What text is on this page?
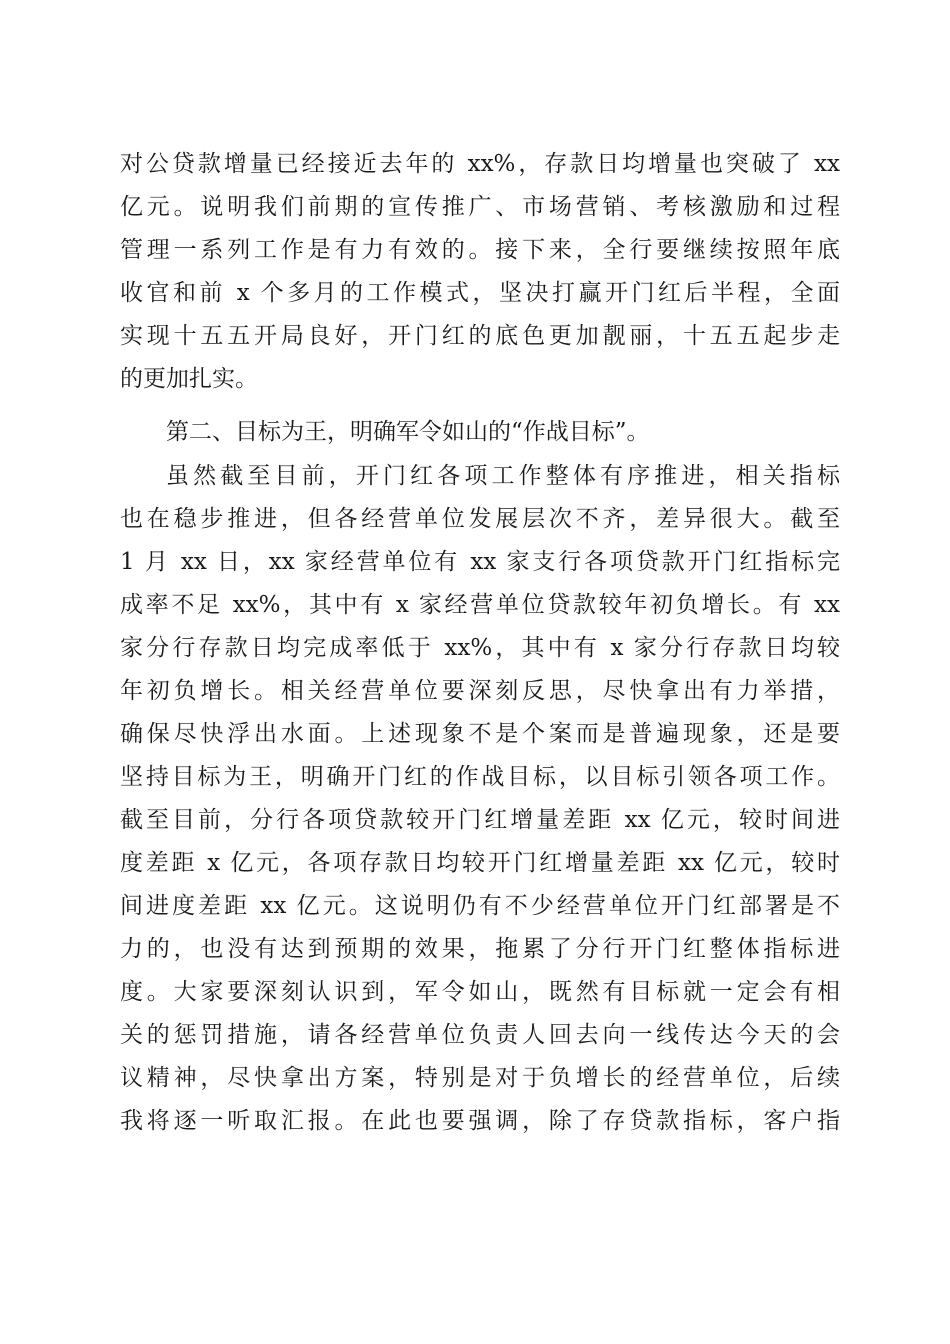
对公贷款增量已经接近去年的 xx%，存款日均增量也突破了 xx
亿元。说明我们前期的宣传推广、市场营销、考核激励和过程
管理一系列工作是有力有效的。接下来，全行要继续按照年底
收官和前 x 个多月的工作模式，坚决打赢开门红后半程，全面
实现十五五开局良好，开门红的底色更加靓丽，十五五起步走
的更加扎实。
第二、目标为王，明确军令如山的“作战目标”。
虽然截至目前，开门红各项工作整体有序推进，相关指标
也在稳步推进，但各经营单位发展层次不齐，差异很大。截至
1 月 xx 日，xx 家经营单位有 xx 家支行各项贷款开门红指标完
成率不足 xx%，其中有 x 家经营单位贷款较年初负增长。有 xx
家分行存款日均完成率低于 xx%，其中有 x 家分行存款日均较
年初负增长。相关经营单位要深刻反思，尽快拿出有力举措，
确保尽快浮出水面。上述现象不是个案而是普遍现象，还是要
坚持目标为王，明确开门红的作战目标，以目标引领各项工作。
截至目前，分行各项贷款较开门红增量差距 xx 亿元，较时间进
度差距 x 亿元，各项存款日均较开门红增量差距 xx 亿元，较时
间进度差距 xx 亿元。这说明仍有不少经营单位开门红部署是不
力的，也没有达到预期的效果，拖累了分行开门红整体指标进
度。大家要深刻认识到，军令如山，既然有目标就一定会有相
关的惩罚措施，请各经营单位负责人回去向一线传达今天的会
议精神，尽快拿出方案，特别是对于负增长的经营单位，后续
我将逐一听取汇报。在此也要强调，除了存贷款指标，客户指
